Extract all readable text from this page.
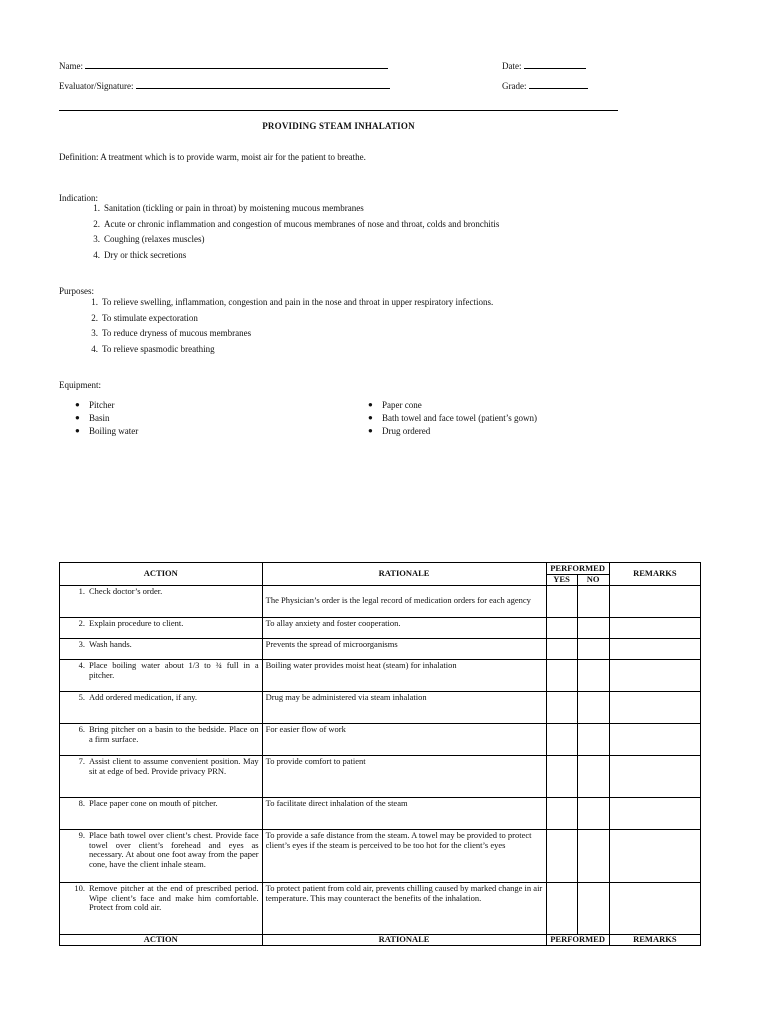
Name:	Date:
Evaluator/Signature:	Grade:
PROVIDING STEAM INHALATION
Definition: A treatment which is to provide warm, moist air for the patient to breathe.
Indication:
1. Sanitation (tickling or pain in throat) by moistening mucous membranes
2. Acute or chronic inflammation and congestion of mucous membranes of nose and throat, colds and bronchitis
3. Coughing (relaxes muscles)
4. Dry or thick secretions
Purposes:
1. To relieve swelling, inflammation, congestion and pain in the nose and throat in upper respiratory infections.
2. To stimulate expectoration
3. To reduce dryness of mucous membranes
4. To relieve spasmodic breathing
Equipment:
● Pitcher
● Basin
● Boiling water
● Paper cone
● Bath towel and face towel (patient’s gown)
● Drug ordered
ACTION	RATIONALE	PERFORMED		REMARKS
		YES	NO	

1. Check doctor’s order.	The Physician’s order is the legal record of medication orders for each agency			

2. Explain procedure to client.	To allay anxiety and foster cooperation.			

3. Wash hands.	Prevents the spread of microorganisms			

4. Place boiling water about 1/3 to ¾ full in a pitcher.	Boiling water provides moist heat (steam) for inhalation			

5. Add ordered medication, if any.	Drug may be administered via steam inhalation			

6. Bring pitcher on a basin to the bedside. Place on a firm surface.	For easier flow of work			

7. Assist client to assume convenient position. May sit at edge of bed. Provide privacy PRN.	To provide comfort to patient			

8. Place paper cone on mouth of pitcher.	To facilitate direct inhalation of the steam			

9. Place bath towel over client’s chest. Provide face towel over client’s forehead and eyes as necessary. At about one foot away from the paper cone, have the client inhale steam.	To provide a safe distance from the steam. A towel may be provided to protect client’s eyes if the steam is perceived to be too hot for the client’s eyes			

10. Remove pitcher at the end of prescribed period. Wipe client’s face and make him comfortable. Protect from cold air.	To protect patient from cold air, prevents chilling caused by marked change in air temperature. This may counteract the benefits of the inhalation.			
ACTION	RATIONALE	PERFORMED		REMARKS
